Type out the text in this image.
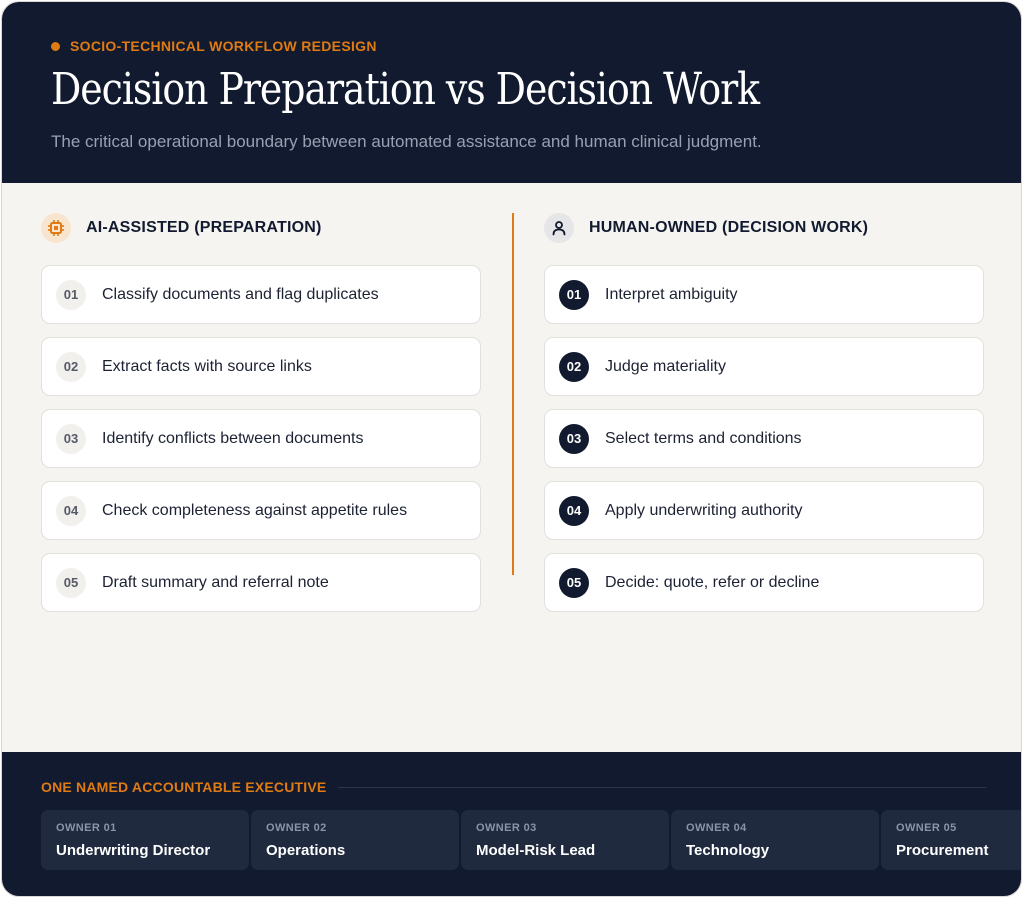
SOCIO-TECHNICAL WORKFLOW REDESIGN
Decision Preparation vs Decision Work
The critical operational boundary between automated assistance and human clinical judgment.
AI-ASSISTED (PREPARATION)
01	Classify documents and flag duplicates
02	Extract facts with source links
03	Identify conflicts between documents
04	Check completeness against appetite rules
05	Draft summary and referral note
HUMAN-OWNED (DECISION WORK)
01	Interpret ambiguity
02	Judge materiality
03	Select terms and conditions
04	Apply underwriting authority
05	Decide: quote, refer or decline
ONE NAMED ACCOUNTABLE EXECUTIVE
OWNER 01
Underwriting Director
OWNER 02
Operations
OWNER 03
Model-Risk Lead
OWNER 04
Technology
OWNER 05
Procurement
